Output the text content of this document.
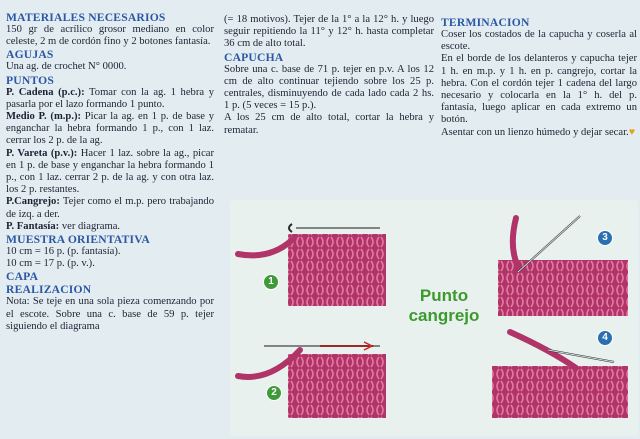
MATERIALES NECESARIOS

150 gr de acrílico grosor mediano en color celeste, 2 m de cordón fino y 2 botones fantasía.

AGUJAS

Una ag. de crochet N° 0000.

PUNTOS

P. Cadena (p.c.): Tomar con la ag. 1 hebra y pasarla por el lazo formando 1 punto.

Medio P. (m.p.): Picar la ag. en 1 p. de base y enganchar la hebra formando 1 p., con 1 laz. cerrar los 2 p. de la ag.

P. Vareta (p.v.): Hacer 1 laz. sobre la ag., picar en 1 p. de base y enganchar la hebra formando 1 p., con 1 laz. cerrar 2 p. de la ag. y con otra laz. los 2 p. restantes.

P.Cangrejo: Tejer como el m.p. pero trabajando de izq. a der.

P. Fantasía: ver diagrama.

MUESTRA ORIENTATIVA

10 cm = 16 p. (p. fantasía).

10 cm = 17 p. (p. v.).

CAPA
REALIZACION

Nota: Se teje en una sola pieza comenzando por el escote. Sobre una c. base de 59 p. tejer siguiendo el diagrama

(= 18 motivos). Tejer de la 1° a la 12° h. y luego seguir repitiendo la 11° y 12° h. hasta completar 36 cm de alto total.

CAPUCHA

Sobre una c. base de 71 p. tejer en p.v. A los 12 cm de alto continuar tejiendo sobre los 25 p. centrales, disminuyendo de cada lado cada 2 hs. 1 p. (5 veces = 15 p.).

A los 25 cm de alto total, cortar la hebra y rematar.

TERMINACION

Coser los costados de la capucha y coserla al escote.

En el borde de los delanteros y capucha tejer 1 h. en m.p. y 1 h. en p. cangrejo, cortar la hebra. Con el cordón tejer 1 cadena del largo necesario y colocarla en la 1° h. del p. fantasía, luego aplicar en cada extremo un botón.

Asentar con un lienzo húmedo y dejar secar.♥

Punto
cangrejo
1
2
3
4
